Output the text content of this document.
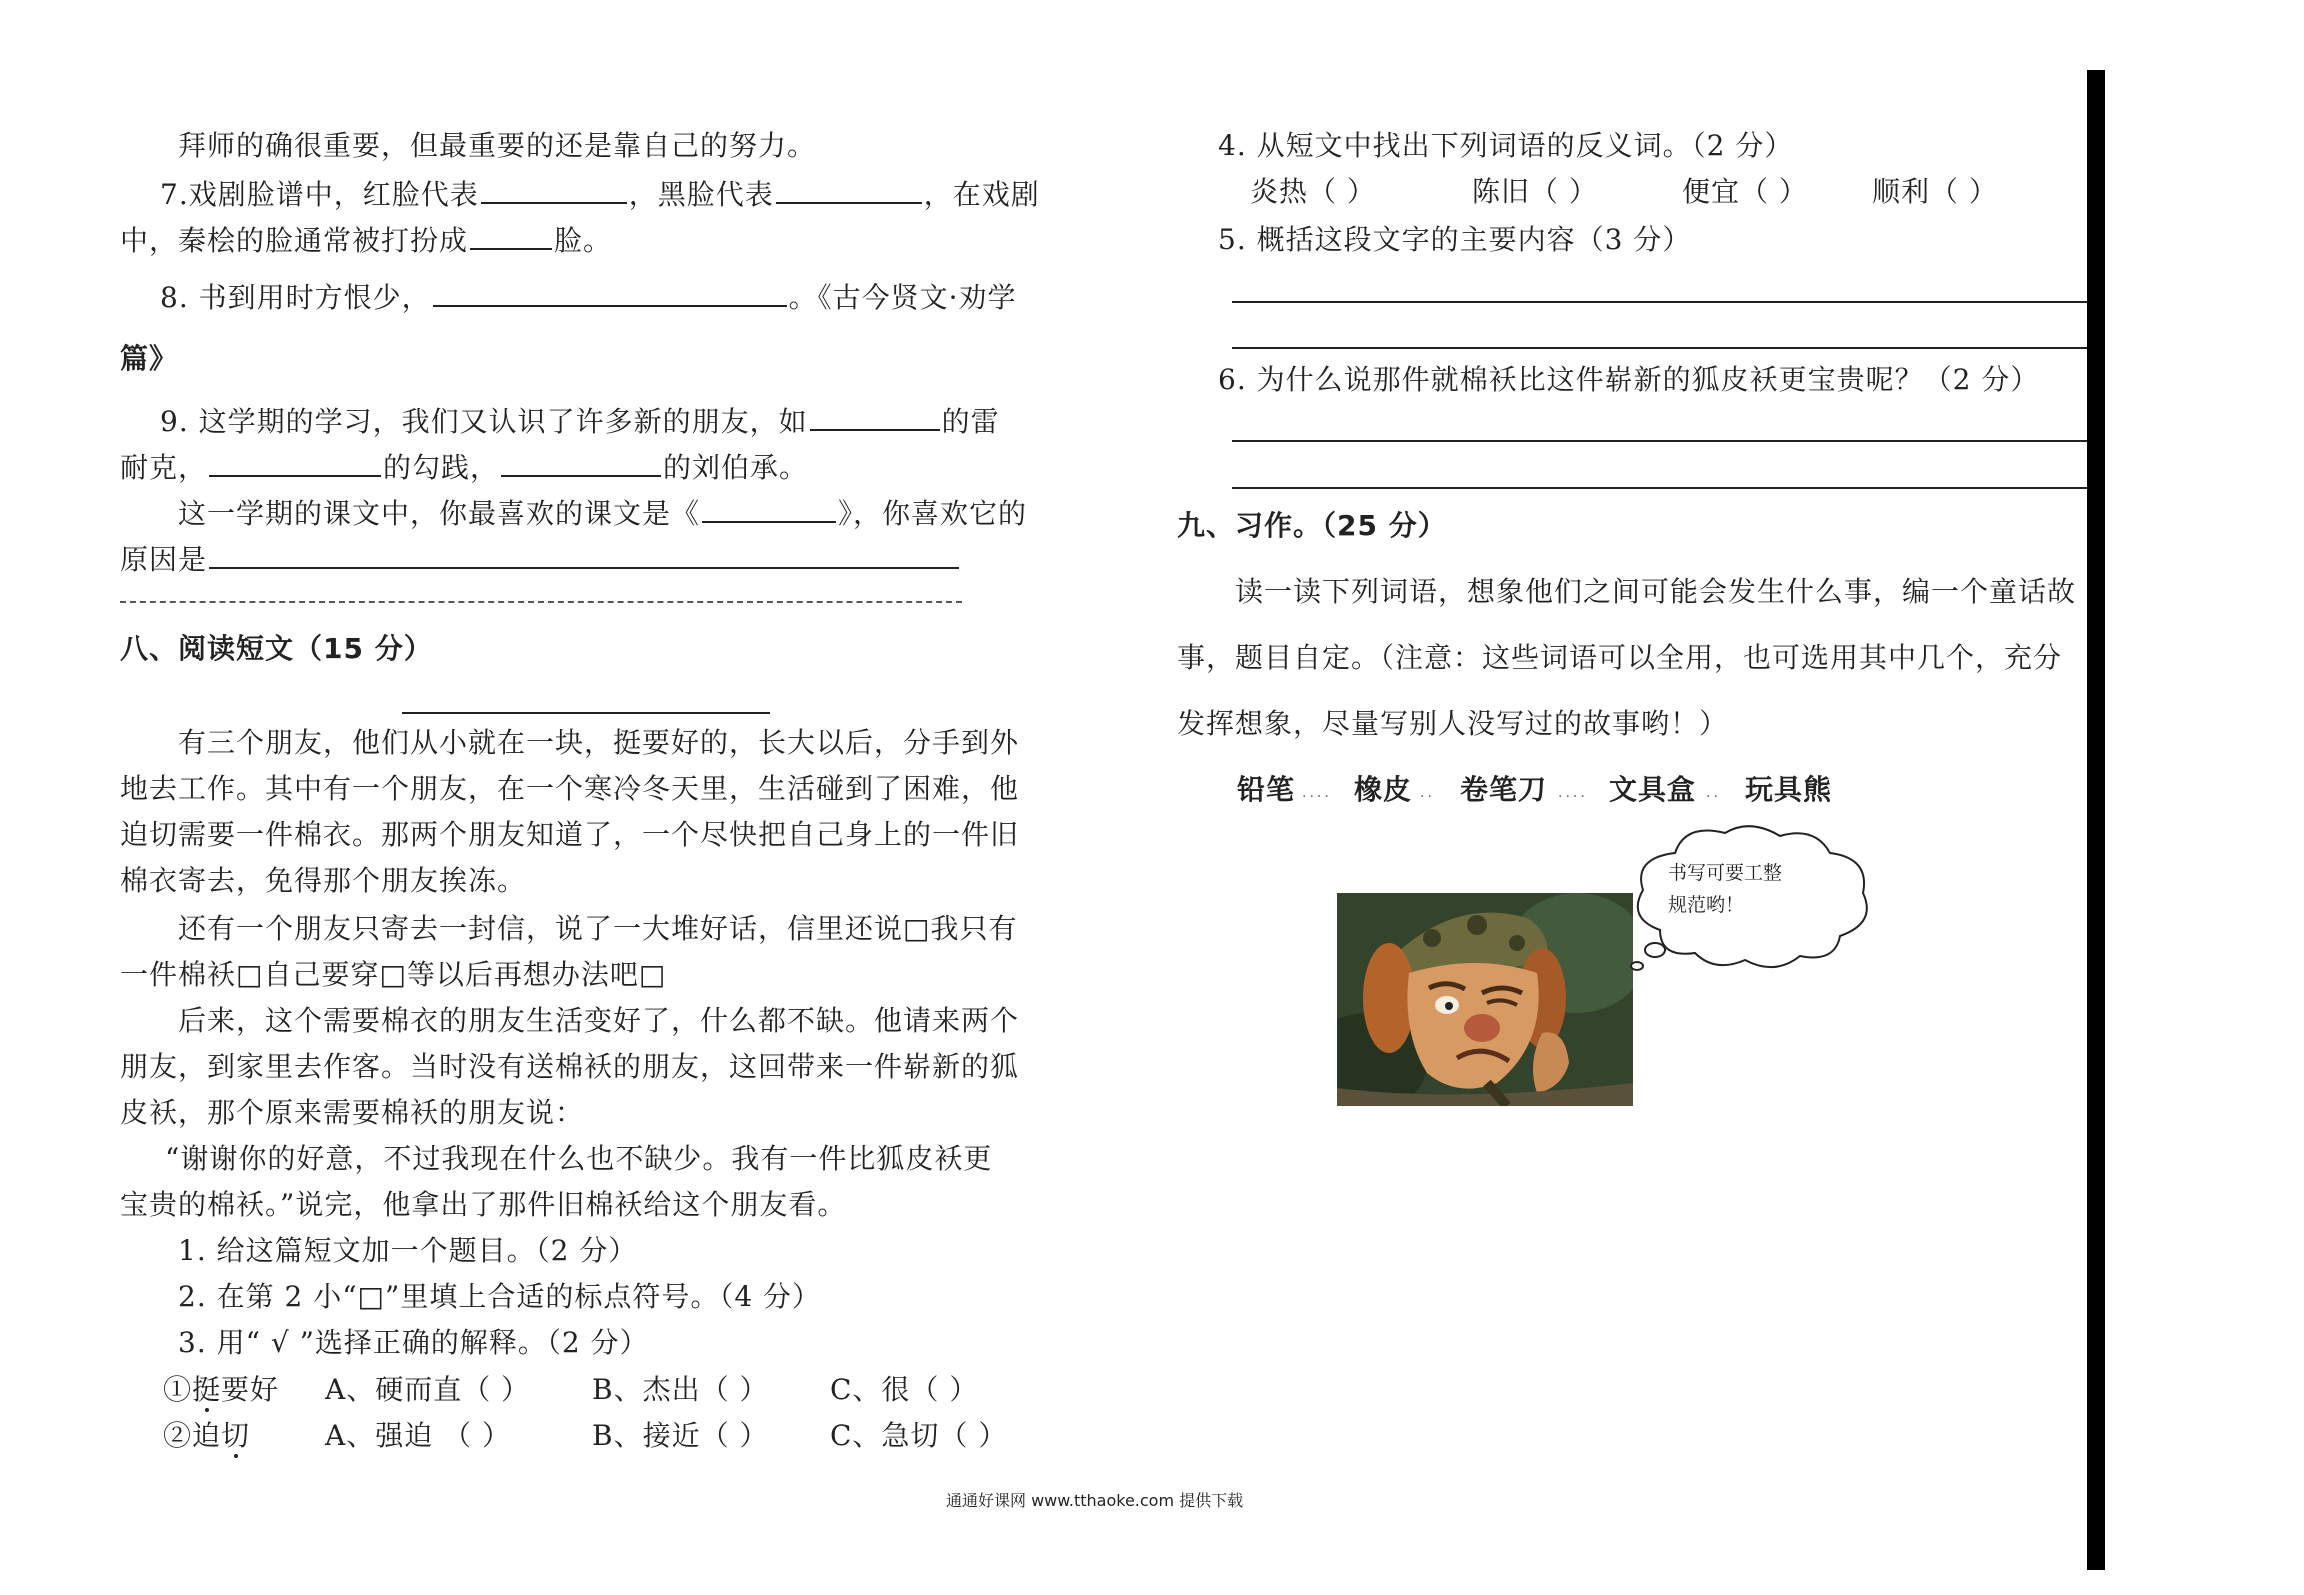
拜师的确很重要，但最重要的还是靠自己的努力。
7.戏剧脸谱中，红脸代表	，黑脸代表	，在戏剧
中，秦桧的脸通常被打扮成	脸。
8. 书到用时方恨少，	。《古今贤文·劝学
篇》
9. 这学期的学习，我们又认识了许多新的朋友，如	的雷
耐克，	的勾践，	的刘伯承。
这一学期的课文中，你最喜欢的课文是《	》，你喜欢它的
原因是
八、阅读短文（15 分）
有三个朋友，他们从小就在一块，挺要好的，长大以后，分手到外
地去工作。其中有一个朋友，在一个寒冷冬天里，生活碰到了困难，他
迫切需要一件棉衣。那两个朋友知道了，一个尽快把自己身上的一件旧
棉衣寄去，免得那个朋友挨冻。
还有一个朋友只寄去一封信，说了一大堆好话，信里还说□我只有
一件棉袄□自己要穿□等以后再想办法吧□
后来，这个需要棉衣的朋友生活变好了，什么都不缺。他请来两个
朋友，到家里去作客。当时没有送棉袄的朋友，这回带来一件崭新的狐
皮袄，那个原来需要棉袄的朋友说：
“谢谢你的好意，不过我现在什么也不缺少。我有一件比狐皮袄更
宝贵的棉袄。”说完，他拿出了那件旧棉袄给这个朋友看。
1. 给这篇短文加一个题目。（2 分）
2. 在第 2 小“□”里填上合适的标点符号。（4 分）
3. 用“ √ ”选择正确的解释。（2 分）
①挺要好 A、硬而直（ ） B、杰出（ ） C、很（ ）
②迫切	A、强迫 （ ）	B、接近（ ） C、急切（ ）
4. 从短文中找出下列词语的反义词。（2 分）
炎热（ ）	陈旧（ ）	便宜（ ） 顺利（ ）
5. 概括这段文字的主要内容（3 分）
6. 为什么说那件就棉袄比这件崭新的狐皮袄更宝贵呢？（2 分）
九、习作。（25 分）
读一读下列词语，想象他们之间可能会发生什么事，编一个童话故
事，题目自定。（注意：这些词语可以全用，也可选用其中几个，充分
发挥想象，尽量写别人没写过的故事哟！）
铅笔 .... 橡皮 .. 卷笔刀 .... 文具盒 .. 玩具熊
书写可要工整
规范哟！
通通好课网 www.tthaoke.com 提供下载
